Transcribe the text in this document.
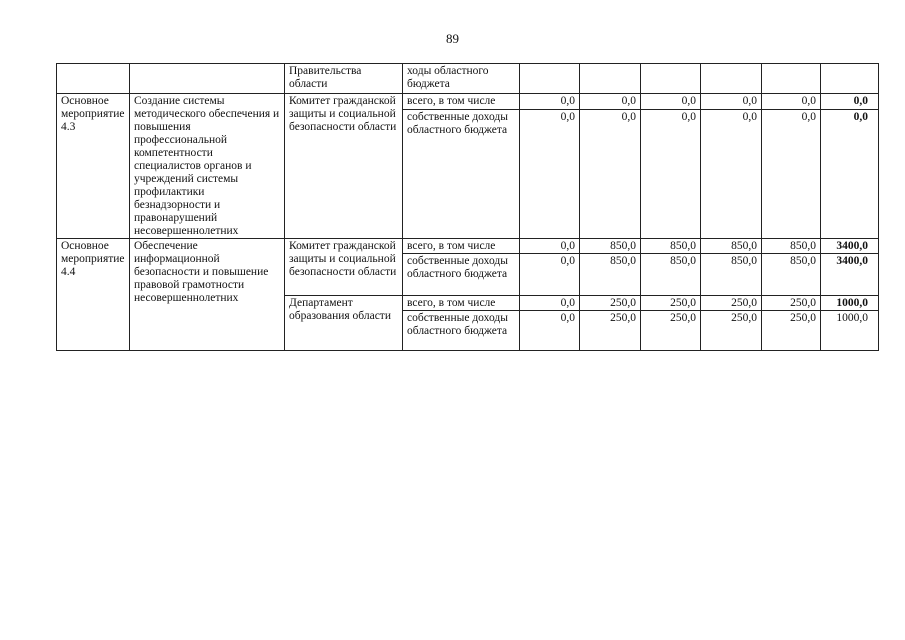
89
		Правительства области	ходы областного бюджета						
Основное мероприятие 4.3	Создание системы методического обеспечения и повышения профессиональной компетентности специалистов органов и учреждений системы профилактики безнадзорности и правонарушений несовершеннолетних	Комитет гражданской защиты и социальной безопасности области	всего, в том числе	0,0	0,0	0,0	0,0	0,0	0,0
			собственные доходы областного бюджета	0,0	0,0	0,0	0,0	0,0	0,0
Основное мероприятие 4.4	Обеспечение информационной безопасности и повышение правовой грамотности несовершеннолетних	Комитет гражданской защиты и социальной безопасности области	всего, в том числе	0,0	850,0	850,0	850,0	850,0	3400,0
			собственные доходы областного бюджета	0,0	850,0	850,0	850,0	850,0	3400,0
		Департамент образования области	всего, в том числе	0,0	250,0	250,0	250,0	250,0	1000,0
			собственные доходы областного бюджета	0,0	250,0	250,0	250,0	250,0	1000,0
